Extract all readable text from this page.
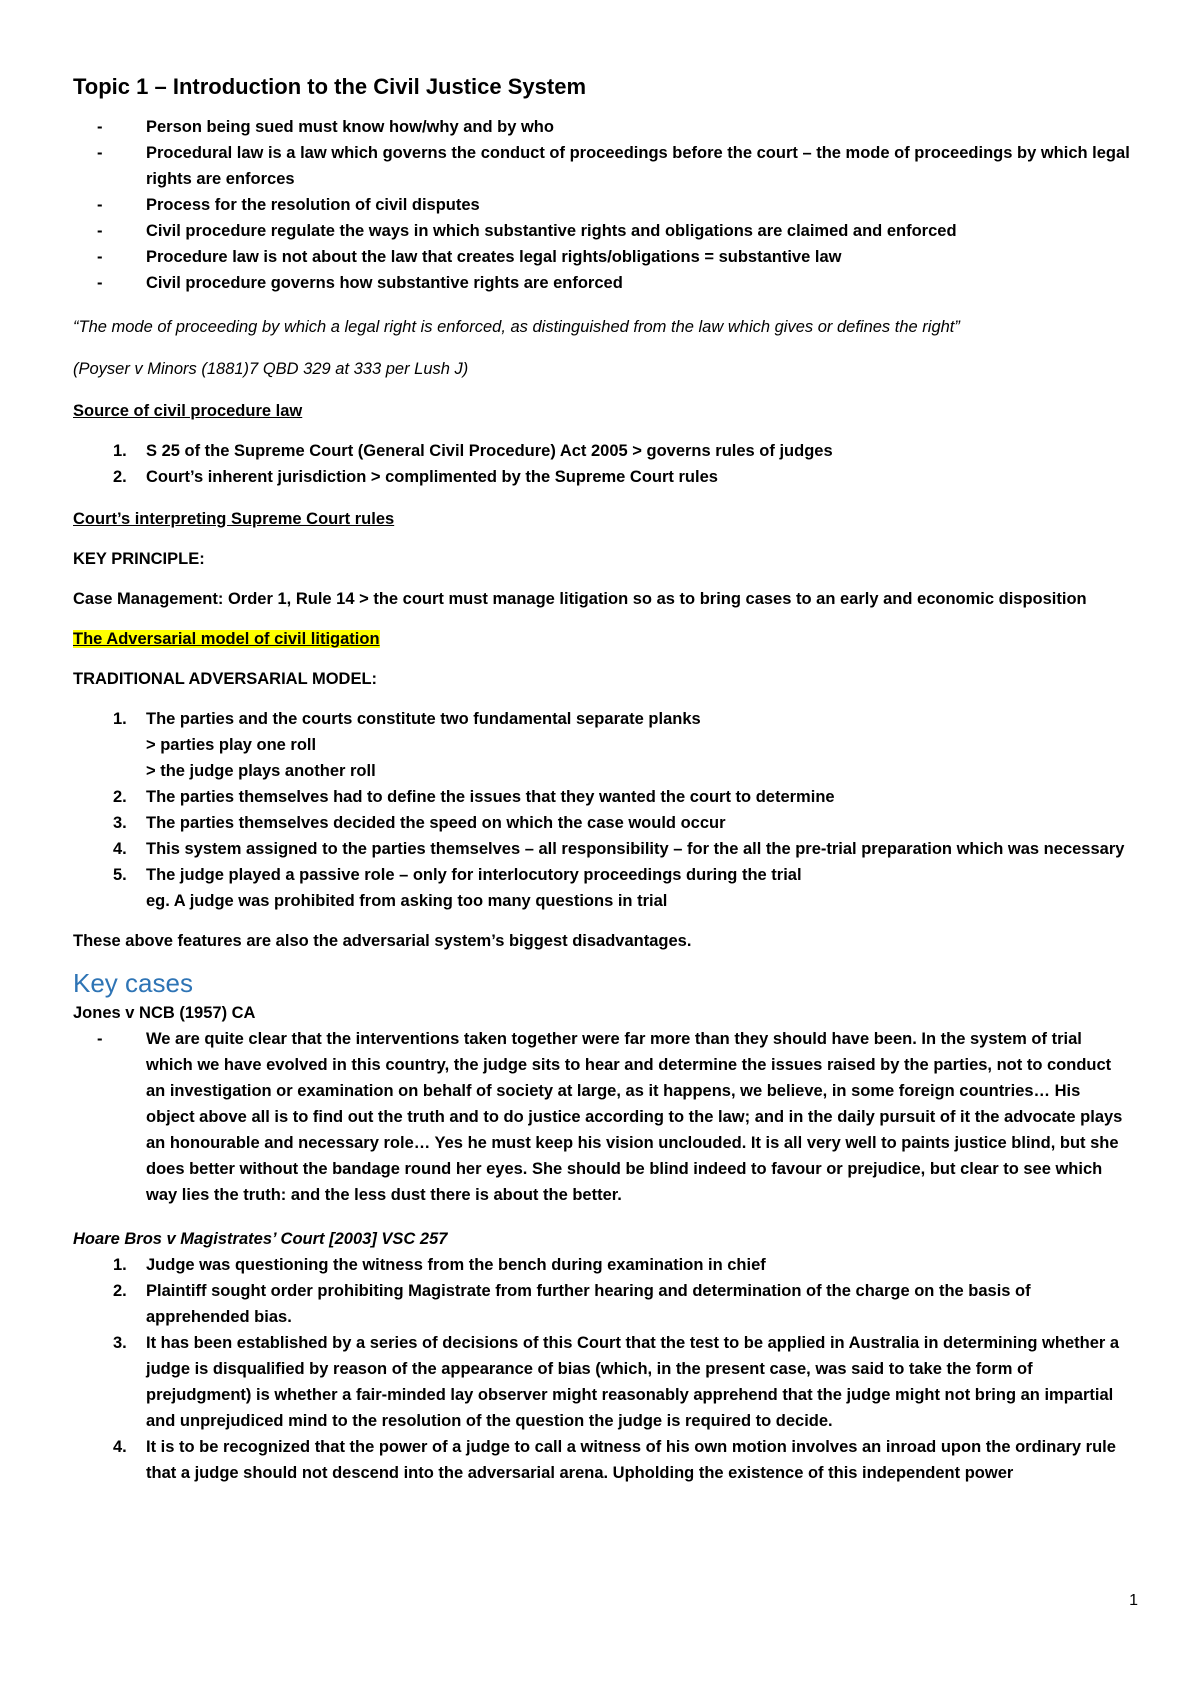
Topic 1 – Introduction to the Civil Justice System
-	Person being sued must know how/why and by who
-	Procedural law is a law which governs the conduct of proceedings before the court – the mode of proceedings by which legal rights are enforces
-	Process for the resolution of civil disputes
-	Civil procedure regulate the ways in which substantive rights and obligations are claimed and enforced
-	Procedure law is not about the law that creates legal rights/obligations = substantive law
-	Civil procedure governs how substantive rights are enforced

“The mode of proceeding by which a legal right is enforced, as distinguished from the law which gives or defines the right”

(Poyser v Minors (1881)7 QBD 329 at 333 per Lush J)

Source of civil procedure law
1.	S 25 of the Supreme Court (General Civil Procedure) Act 2005 > governs rules of judges
2.	Court’s inherent jurisdiction > complimented by the Supreme Court rules
Court’s interpreting Supreme Court rules
KEY PRINCIPLE:
Case Management: Order 1, Rule 14 > the court must manage litigation so as to bring cases to an early and economic disposition
The Adversarial model of civil litigation
TRADITIONAL ADVERSARIAL MODEL:
1.	The parties and the courts constitute two fundamental separate planks
> parties play one roll
> the judge plays another roll
2.	The parties themselves had to define the issues that they wanted the court to determine
3.	The parties themselves decided the speed on which the case would occur
4.	This system assigned to the parties themselves – all responsibility – for the all the pre-trial preparation which was necessary
5.	The judge played a passive role – only for interlocutory proceedings during the trial
eg. A judge was prohibited from asking too many questions in trial
These above features are also the adversarial system’s biggest disadvantages.
Key cases
Jones v NCB (1957) CA
-	We are quite clear that the interventions taken together were far more than they should have been. In the system of trial which we have evolved in this country, the judge sits to hear and determine the issues raised by the parties, not to conduct an investigation or examination on behalf of society at large, as it happens, we believe, in some foreign countries… His object above all is to find out the truth and to do justice according to the law; and in the daily pursuit of it the advocate plays an honourable and necessary role… Yes he must keep his vision unclouded. It is all very well to paints justice blind, but she does better without the bandage round her eyes. She should be blind indeed to favour or prejudice, but clear to see which way lies the truth: and the less dust there is about the better.
Hoare Bros v Magistrates’ Court [2003] VSC 257
1.	Judge was questioning the witness from the bench during examination in chief
2.	Plaintiff sought order prohibiting Magistrate from further hearing and determination of the charge on the basis of apprehended bias.
3.	It has been established by a series of decisions of this Court that the test to be applied in Australia in determining whether a judge is disqualified by reason of the appearance of bias (which, in the present case, was said to take the form of prejudgment) is whether a fair-minded lay observer might reasonably apprehend that the judge might not bring an impartial and unprejudiced mind to the resolution of the question the judge is required to decide.
4.	It is to be recognized that the power of a judge to call a witness of his own motion involves an inroad upon the ordinary rule that a judge should not descend into the adversarial arena. Upholding the existence of this independent power
1
